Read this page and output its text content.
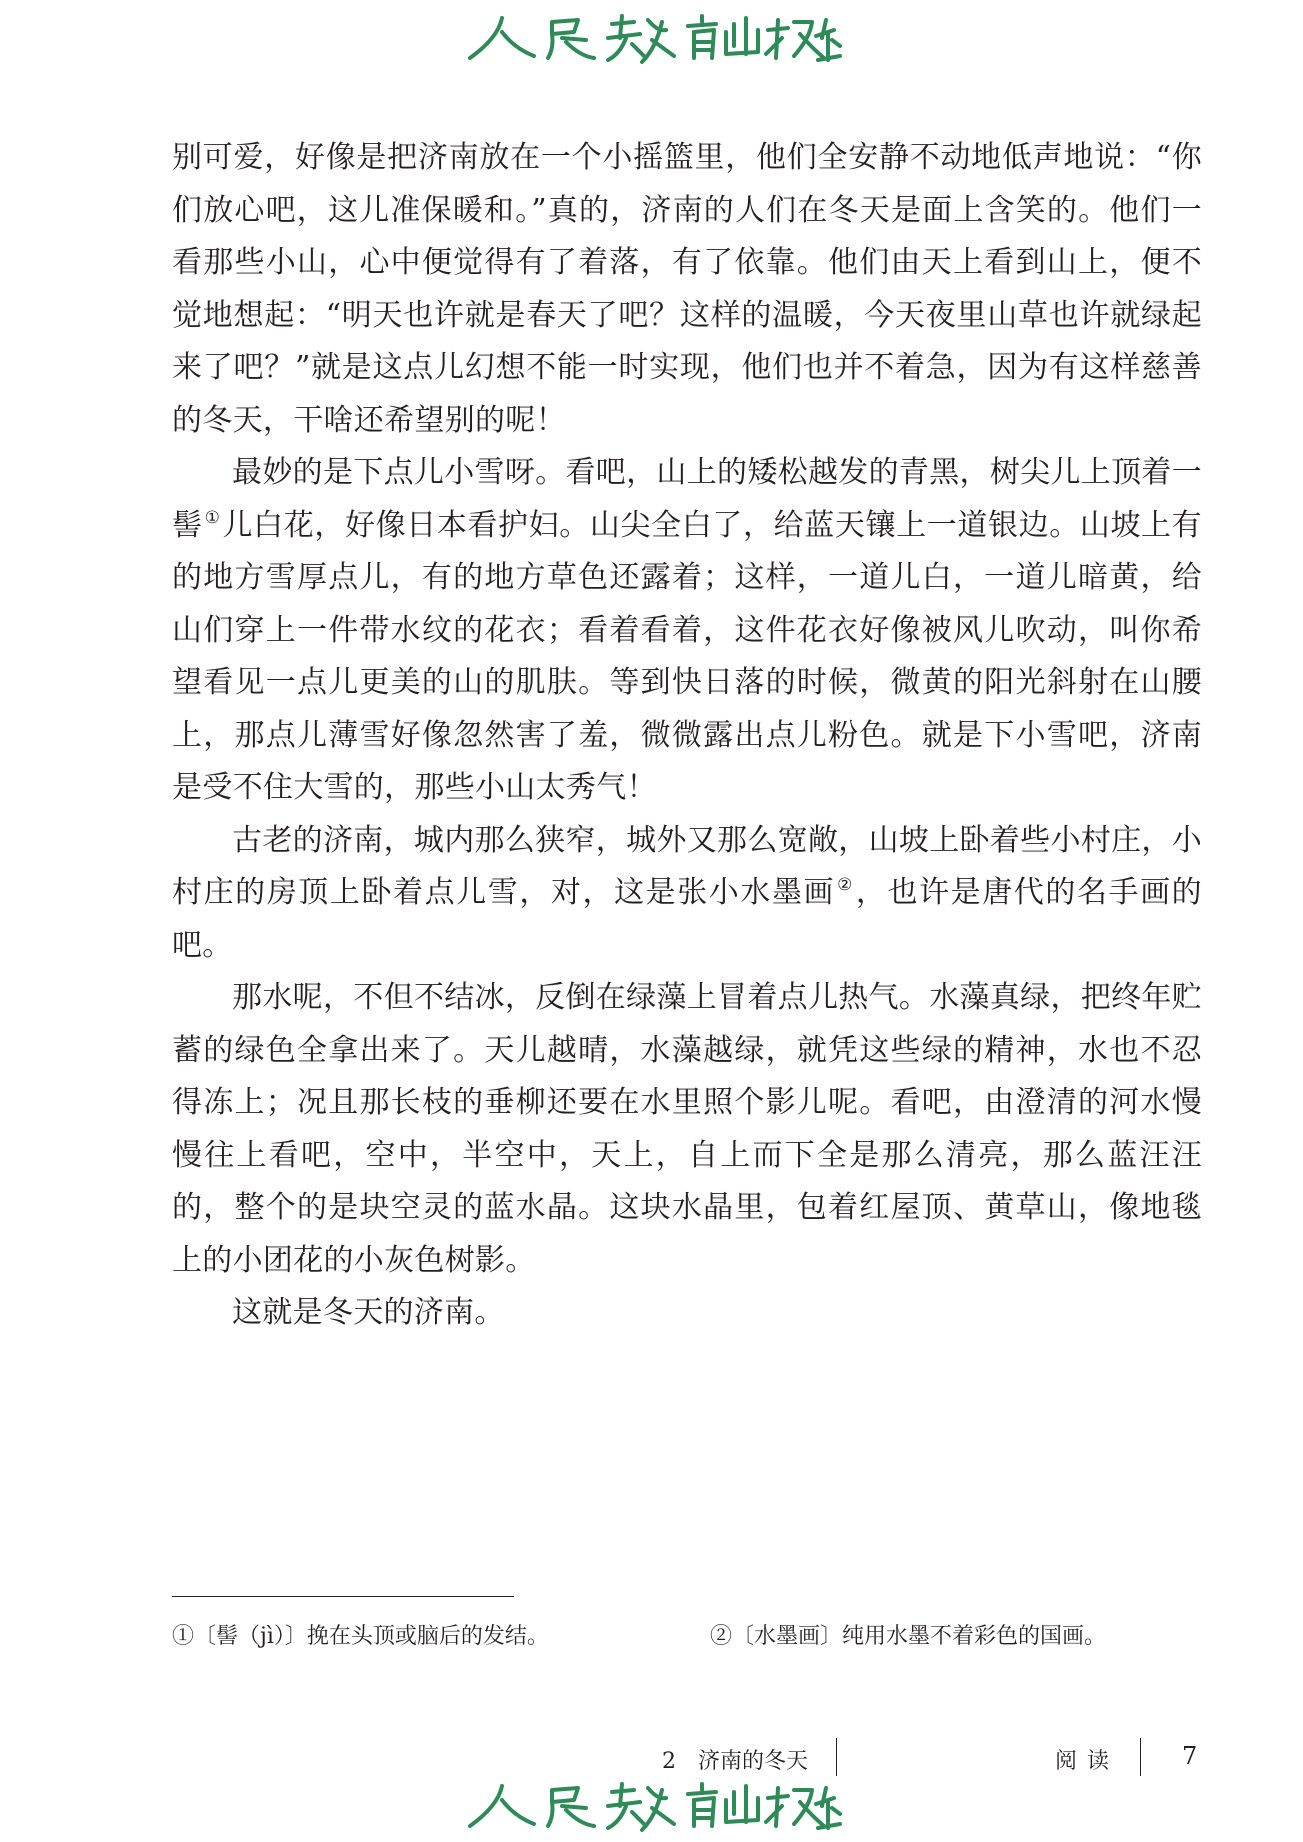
别可爱，好像是把济南放在一个小摇篮里，他们全安静不动地低声地说：“你们放心吧，这儿准保暖和。”真的，济南的人们在冬天是面上含笑的。他们一看那些小山，心中便觉得有了着落，有了依靠。他们由天上看到山上，便不觉地想起：“明天也许就是春天了吧？这样的温暖，今天夜里山草也许就绿起来了吧？”就是这点儿幻想不能一时实现，他们也并不着急，因为有这样慈善的冬天，干啥还希望别的呢！

最妙的是下点儿小雪呀。看吧，山上的矮松越发的青黑，树尖儿上顶着一髻 ①儿白花，好像日本看护妇。山尖全白了，给蓝天镶上一道银边。山坡上有的地方雪厚点儿，有的地方草色还露着；这样，一道儿白，一道儿暗黄，给山们穿上一件带水纹的花衣；看着看着，这件花衣好像被风儿吹动，叫你希望看见一点儿更美的山的肌肤。等到快日落的时候，微黄的阳光斜射在山腰上，那点儿薄雪好像忽然害了羞，微微露出点儿粉色。就是下小雪吧，济南是受不住大雪的，那些小山太秀气！

古老的济南，城内那么狭窄，城外又那么宽敞，山坡上卧着些小村庄，小村庄的房顶上卧着点儿雪，对，这是张小水墨画 ②，也许是唐代的名手画的吧。

那水呢，不但不结冰，反倒在绿藻上冒着点儿热气。水藻真绿，把终年贮蓄的绿色全拿出来了。天儿越晴，水藻越绿，就凭这些绿的精神，水也不忍得冻上；况且那长枝的垂柳还要在水里照个影儿呢。看吧，由澄清的河水慢慢往上看吧，空中，半空中，天上，自上而下全是那么清亮，那么蓝汪汪的，整个的是块空灵的蓝水晶。这块水晶里，包着红屋顶、黄草山，像地毯上的小团花的小灰色树影。

这就是冬天的济南。

①〔髻（jì）〕挽在头顶或脑后的发结。	②〔水墨画〕纯用水墨不着彩色的国画。
2　济南的冬天	阅读	7
